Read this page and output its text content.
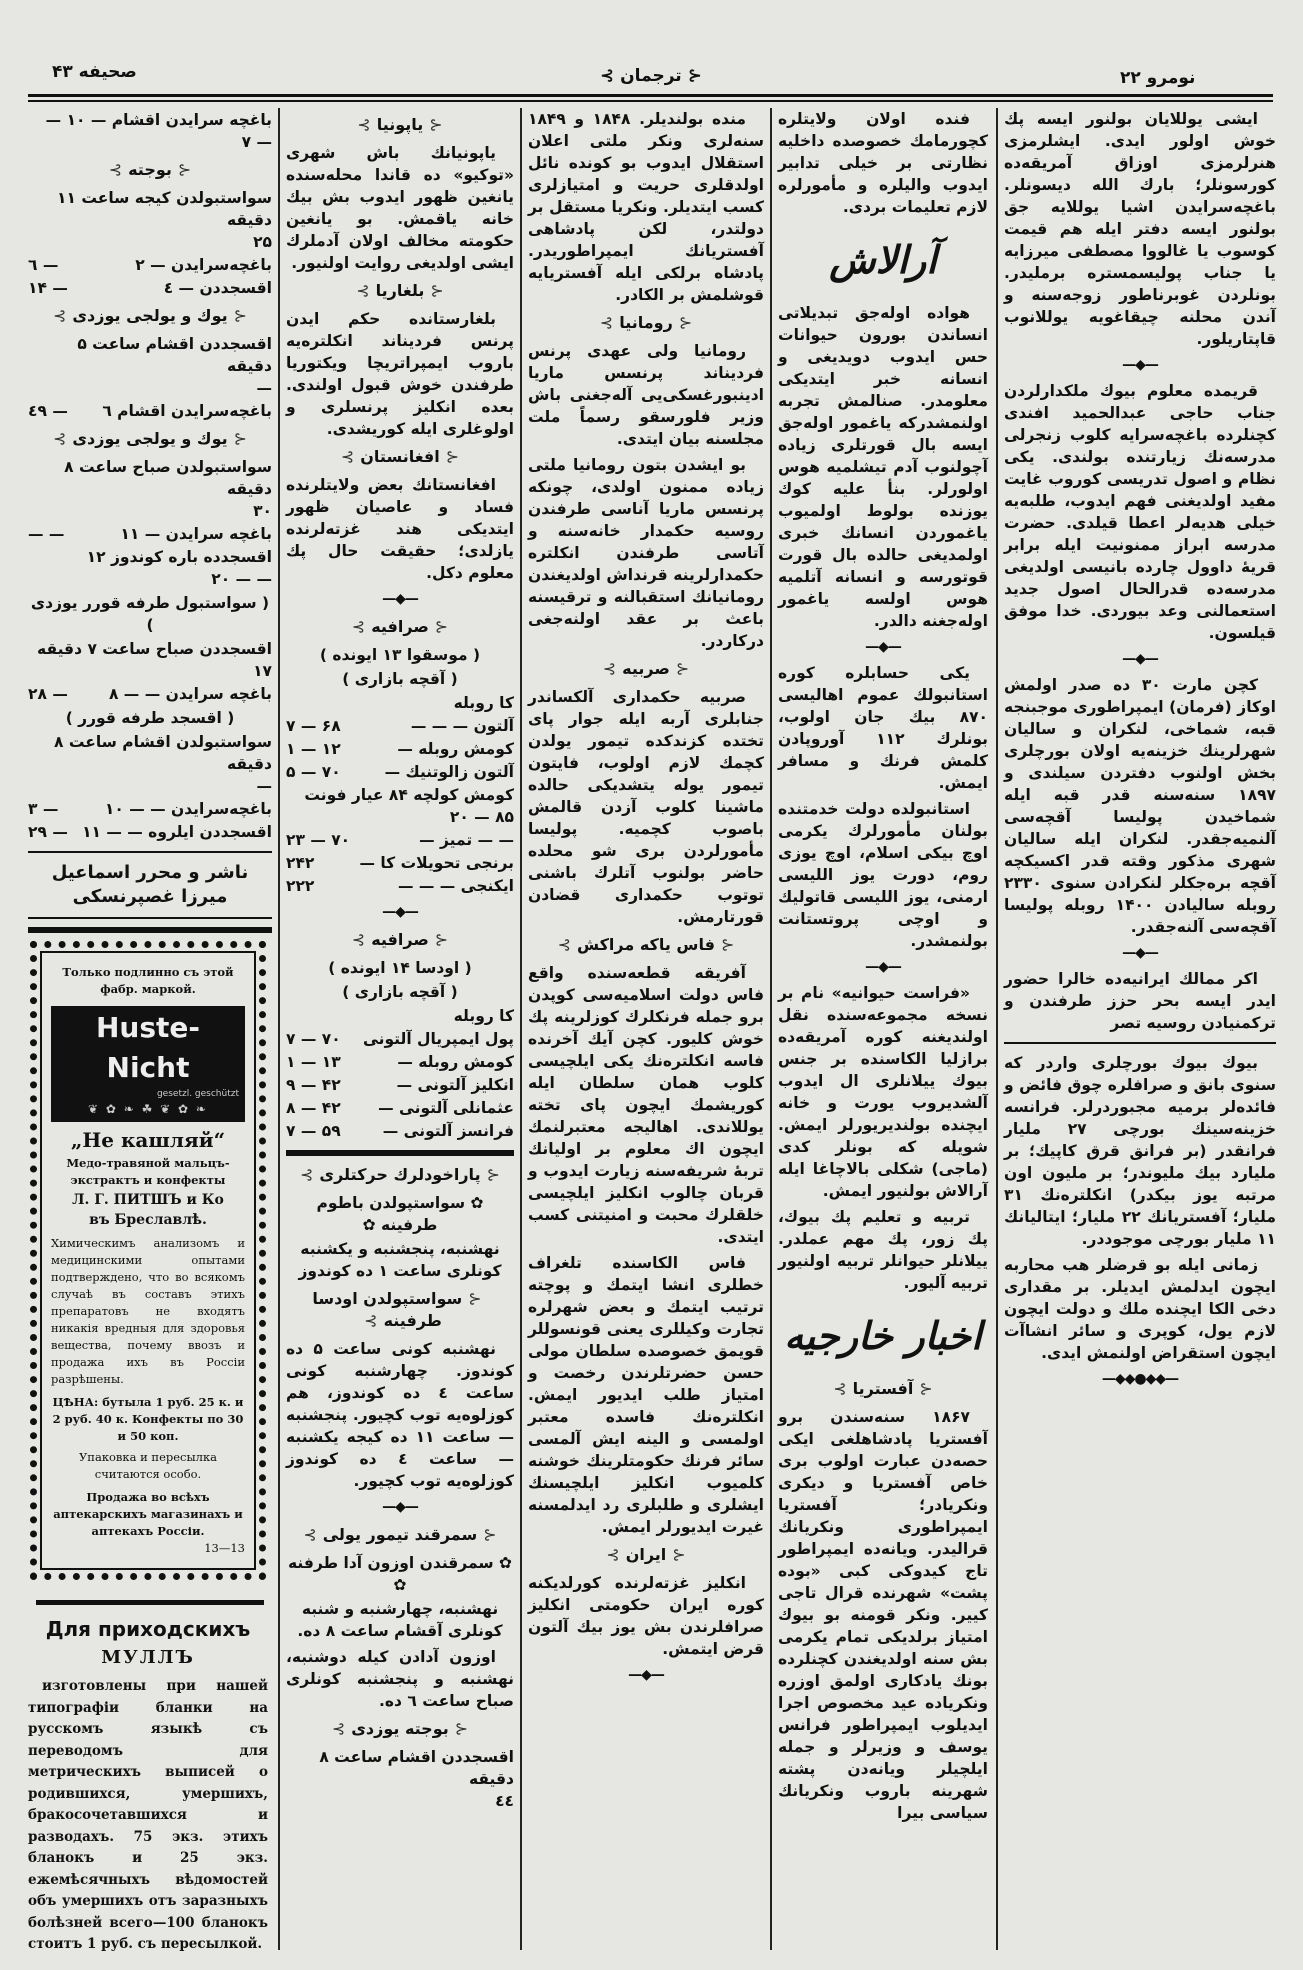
صحیفه ۴۳	⊰ ترجمان ⊱	نومرو ۲۲
ایشی یوللایان بولنور ایسه پك خوش اولور ایدی. ایشلرمزی هنرلرمزی اوزاق آمریقه‌ده کورسونلر؛ بارك الله دیسونلر. باغچه‌سرایدن اشیا یوللایه جق بولنور ایسه دفتر ایله هم قیمت کوسوب یا غالووا مصطفی میرزایه یا جناب پولیسمستره برملیدر. بونلردن غوبرناطور زوجه‌سنه و آندن محلنه چیقاغویه یوللانوب قاپتاریلور.
—◆—
قریمده معلوم بیوك ملكدارلردن جناب حاجی عبدالحمید افندی کچنلرده باغچه‌سرایه کلوب زنجرلی مدرسه‌نك زیارتنده بولندی. یکی نظام و اصول تدریسی کوروب غایت مفید اولدیغنی فهم ایدوب، طلبه‌یه خیلی هدیه‌لر اعطا قیلدی. حضرت مدرسه ابراز ممنونیت ایله برابر قریهٔ داوول چارده بانیسی اولدیغی مدرسه‌ده قدرالحال اصول جدید استعمالنی وعد بیوردی. خدا موفق قیلسون.
—◆—
کچن مارت ۳۰ ده صدر اولمش اوکاز (فرمان) ایمپراطوری موجبنجه قبه، شماخی، لنکران و سالیان شهرلرینك خزینه‌یه اولان بورچلری بخش اولنوب دفتردن سیلندی و ۱۸۹۷ سنه‌سنه قدر قبه ایله شماخیدن پولیسا آقچه‌سی آلنمیه‌جقدر. لنکران ایله سالیان شهری مذکور وقته قدر اکسیکچه آقچه برەجكلر لنکرادن سنوی ۲۳۳۰ روبله سالیادن ۱۴۰۰ روبله پولیسا آقچه‌سی آلنه‌جقدر.
—◆—
اکر ممالك ایرانیه‌ده خالرا حضور ایدر ایسه بحر حزز طرفندن و ترکمنیادن روسیه تصر
بیوك بیوك بورچلری واردر که سنوی بانق و صرافلره چوق فائض و فائده‌لر برمیه مجبوردرلر. فرانسه خزینه‌سینك بورچی ۲۷ ملیار فرانقدر (بر فرانق قرق کاپیك؛ بر ملیارد بیك ملیوندر؛ بر ملیون اون مرتبه یوز بیكدر) انکلتره‌نك ۳۱ ملیار؛ آفستریانك ۲۲ ملیار؛ ایتالیانك ۱۱ ملیار بورچی موجوددر.
زمانی ایله بو قرضلر هب محاربه ایچون ایدلمش ایدیلر. بر مقداری دخی الکا ایچنده ملك و دولت ایچون لازم یول، کوپری و سائر انشاآت ایچون استقراض اولنمش ایدی.
—◆◆●◆◆—
فنده اولان ولایتلره کچورمامك خصوصده داخلیه نظارتی بر خیلی تدابیر ایدوب والیلره و مأمورلره لازم تعلیمات بردی.
آرالاش
هواده اوله‌جق تبدیلاتی انساندن بورون حیوانات حس ایدوب دویدیغی و انسانه خبر ایتدیکی معلومدر. صنالمش تجربه اولنمشدرکه یاغمور اوله‌جق ایسه بال قورتلری زیاده آچولنوب آدم تیشلمیه هوس اولورلر. بنأ علیه کوك یوزنده بولوط اولمیوب یاغموردن انسانك خبری اولمدیغی حالده بال قورت قوتورسه و انسانه آتلمیه هوس اولسه یاغمور اوله‌جغنه دالدر.
—◆—
یکی حسابلره کوره استانبولك عموم اهالیسی ۸۷۰ بیك جان اولوب، بونلرك ۱۱۲ آوروپادن کلمش فرنك و مسافر ایمش.
استانبولده دولت خدمتنده بولنان مأمورلرك یکرمی اوچ بیکی اسلام، اوچ یوزی روم، دورت یوز اللیسی ارمنی، یوز اللیسی قاتولیك و اوچی پروتستانت بولنمشدر.
—◆—
«فراست حیوانیه» نام بر نسخه مجموعه‌سنده نقل اولندیغنه کوره آمریقه‌ده برازلیا الکاسنده بر جنس بیوك ییلانلری ال ایدوب آلشدیروب یورت و خانه ایچنده بولندیریورلر ایمش. شویله که بونلر کدی (ماجی) شکلی بالاچاغا ایله آرالاش بولنیور ایمش.
تربیه و تعلیم پك بیوك، پك زور، پك مهم عملدر. ییلانلر حیوانلر تربیه اولنیور تربیه آلیور.
اخبار خارجیه
⊰آفستریا⊱
۱۸۶۷ سنه‌سندن برو آفستریا پادشاهلغی ایکی حصه‌دن عبارت اولوب بری خاص آفستریا و دیکری ونکریادر؛ آفستریا ایمپراطوری ونکریانك قرالیدر. ویانه‌ده ایمپراطور تاج کیدوکی کبی «بوده پشت» شهرنده قرال تاجی کییر. ونکر قومنه بو بیوك امتیاز برلدیکی تمام یکرمی بش سنه اولدیغندن کچنلرده بونك یادکاری اولمق اوزره ونکریاده عید مخصوص اجرا ایدیلوب ایمپراطور فرانس یوسف و وزیرلر و جمله ایلچیلر ویانه‌دن پشته شهرینه باروب ونکریانك سیاسی بیرا
منده بولندیلر. ۱۸۴۸ و ۱۸۴۹ سنه‌لری ونکر ملتی اعلان استقلال ایدوب بو کونده نائل اولدقلری حریت و امتیازلری کسب ایتدیلر. ونکریا مستقل بر دولتدر، لکن پادشاهی آفستریانك ایمپراطوریدر. پادشاه برلکی ایله آفستریایه قوشلمش بر الکادر.
⊰رومانیا⊱
رومانیا ولی عهدی پرنس فردیناند پرنسس ماریا ادینبورغسکی‌یی آله‌جغنی باش وزیر فلورسقو رسماً ملت مجلسنه بیان ایتدی.
بو ایشدن بتون رومانیا ملتی زیاده ممنون اولدی، چونکه پرنسس ماریا آناسی طرفندن روسیه حکمدار خانه‌سنه و آتاسی طرفندن انکلتره حکمدارلرینه قرنداش اولدیغندن رومانیانك استقبالنه و ترقیسنه باعث بر عقد اولنه‌جغی درکاردر.
⊰صربیه⊱
صربیه حکمداری آلکساندر جنابلری آربه ایله جوار پای تختده کزندکده تیمور یولدن کچمك لازم اولوب، فایتون تیمور یوله یتشدیکی حالده ماشینا کلوب آزدن قالمش باصوب کچمیه. پولیسا مأمورلردن بری شو محلده حاضر بولنوب آتلرك باشنی توتوب حکمداری قضادن قورتارمش.
⊰فاس یاکه مراکش⊱
آفریقه قطعه‌سنده واقع فاس دولت اسلامیه‌سی کوپدن برو جمله فرنکلرك کوزلرینه پك خوش کلیور. کچن آیك آخرنده فاسه انکلتره‌نك یکی ایلچیسی کلوب همان سلطان ایله کوریشمك ایچون پای تخته یوللاندی. اهالیجه معتبرلنمك ایچون اك معلوم بر اولیانك تربهٔ شریفه‌سنه زیارت ایدوب و قربان چالوب انکلیز ایلچیسی خلقلرك محبت و امنیتنی کسب ایتدی.
فاس الکاسنده تلغراف خطلری انشا ایتمك و پوچته ترتیب ایتمك و بعض شهرلره تجارت وکیللری یعنی قونسوللر قویمق خصوصده سلطان مولی حسن حضرتلرندن رخصت و امتیاز طلب ایدیور ایمش. انکلتره‌نك فاسده معتبر اولمسی و الینه ایش آلمسی سائر فرنك حکومتلرینك خوشنه کلمیوب انکلیز ایلچیسنك ایشلری و طلبلری رد ایدلمسنه غیرت ایدیورلر ایمش.
⊰ایران⊱
انکلیز غزته‌لرنده کورلدیکنه کوره ایران حکومتی انکلیز صرافلرندن بش یوز بیك آلتون قرض ایتمش.
—◆—
⊰یاپونیا⊱
یاپونیانك باش شهری «توکیو» ده قاندا محله‌سنده یانغین ظهور ایدوب بش بیك خانه یاقمش. بو یانغین حکومته مخالف اولان آدملرك ایشی اولدیغی روایت اولنیور.
⊰بلغاریا⊱
بلغارستانده حکم ایدن پرنس فردیناند انکلتره‌یه باروب ایمپراتریچا ویکتوریا طرفندن خوش قبول اولندی. بعده انکلیز پرنسلری و اولوغلری ایله کوریشدی.
⊰افغانستان⊱
افغانستانك بعض ولایتلرنده فساد و عاصیان ظهور ایتدیکی هند غزته‌لرنده یازلدی؛ حقیقت حال پك معلوم دکل.
—◆—
⊰صرافیه⊱
( موسقوا ۱۳ ایونده )
( آقچه بازاری )
کا روبله
آلتون — — —
۶۸ — ۷
کومش روبله —
۱۲ — ۱
آلتون زالوتنیك —
۷۰ — ۵
کومش کولچه ۸۴ عیار فونت
۸۵ — ۲۰
— — تمیز —
۷۰ — ۲۳
برنجی تحویلات کا —
۲۴۲
ایکنجی — — —
۲۲۲
—◆—
⊰صرافیه⊱
( اودسا ۱۴ ایونده )
( آقچه بازاری )
کا روبله
پول ایمپریال آلتونی
۷۰ — ۷
کومش روبله —
۱۳ — ۱
انکلیز آلتونی —
۴۲ — ۹
عثمانلی آلتونی —
۴۲ — ۸
فرانسز آلتونی —
۵۹ — ۷
⊰پاراخودلرك حرکتلری⊱
✿ سواستپولدن باطوم طرفینه ✿
نهشنبه، پنجشنبه و یکشنبه کونلری ساعت ۱ ده کوندوز
⊰سواستپولدن اودسا طرفینه⊱
نهشنبه کونی ساعت ۵ ده کوندوز. چهارشنبه کونی ساعت ٤ ده کوندوز، هم کوزلوه‌یه توب کچیور. پنجشنبه — ساعت ۱۱ ده کیجه یکشنبه — ساعت ٤ ده کوندوز کوزلوه‌یه توب کچیور.
—◆—
⊰سمرقند تیمور یولی⊱
✿ سمرقندن اوزون آدا طرفنه ✿
نهشنبه، چهارشنبه و شنبه کونلری آقشام ساعت ۸ ده.
اوزون آدادن کیله دوشنبه، نهشنبه و پنجشنبه کونلری صباح ساعت ٦ ده.
⊰بوجته یوزدی⊱
اقسجددن اقشام ساعت ۸ دقیقه
٤٤
باغچه سرایدن اقشام — ۱۰ —
— ۷
⊰بوجته⊱
سواستبولدن کیجه ساعت ۱۱ دقیقه
۲۵
باغچه‌سرایدن — ۲
— ٦
اقسجددن — ٤
— ۱۴
⊰یوك و یولجی یوزدی⊱
اقسجددن اقشام ساعت ۵ دقیقه
—
باغچه‌سرایدن اقشام ٦
— ٤۹
⊰یوك و یولجی یوزدی⊱
سواستبولدن صباح ساعت ۸ دقیقه
۳۰
باغچه سرایدن — ۱۱
— —
اقسجدده باره کوندوز ۱۲
— — ۲۰
( سواستبول طرفه قورر یوزدی )
اقسجددن صباح ساعت ۷ دقیقه
۱۷
باغچه سرایدن — — ۸
— ۲۸
( اقسجد طرفه قورر )
سواستبولدن اقشام ساعت ۸ دقیقه
—
باغچه‌سرایدن — — ۱۰
— ۳
اقسجددن ایلروه — — ۱۱
— ۲۹
ناشر و محرر اسماعیل میرزا غصپرنسکی
Только подлинно съ этой фабр. маркой.
Huste-Nicht
gesetzl. geschützt
❦ ✿ ❧ ☘ ❦ ✿ ❧
„Не кашляй“
Медо-травяной мальцъ-экстрактъ и конфекты
Л. Г. ПИТШЪ и Ко
въ Бреславлѣ.
Химическимъ анализомъ и медицинскими опытами подтверждено, что во всякомъ случаѣ въ составъ этихъ препаратовъ не входятъ никакія вредныя для здоровья вещества, почему ввозъ и продажа ихъ въ Россіи разрѣшены.
ЦѢНА: бутыла 1 руб. 25 к. и 2 руб. 40 к. Конфекты по 30 и 50 коп.
Упаковка и пересылка считаются особо.
Продажа во всѣхъ аптекарскихъ магазинахъ и аптекахъ Россіи.
13—13
Для приходскихъ
МУЛЛЪ
изготовлены при нашей типографіи бланки на русскомъ языкѣ съ переводомъ для метрическихъ выписей о родившихся, умершихъ, бракосочетавшихся и разводахъ. 75 экз. этихъ бланокъ и 25 экз. ежемѣсячныхъ вѣдомостей объ умершихъ отъ заразныхъ болѣзней всего—100 бланокъ стоитъ 1 руб. съ пересылкой.
